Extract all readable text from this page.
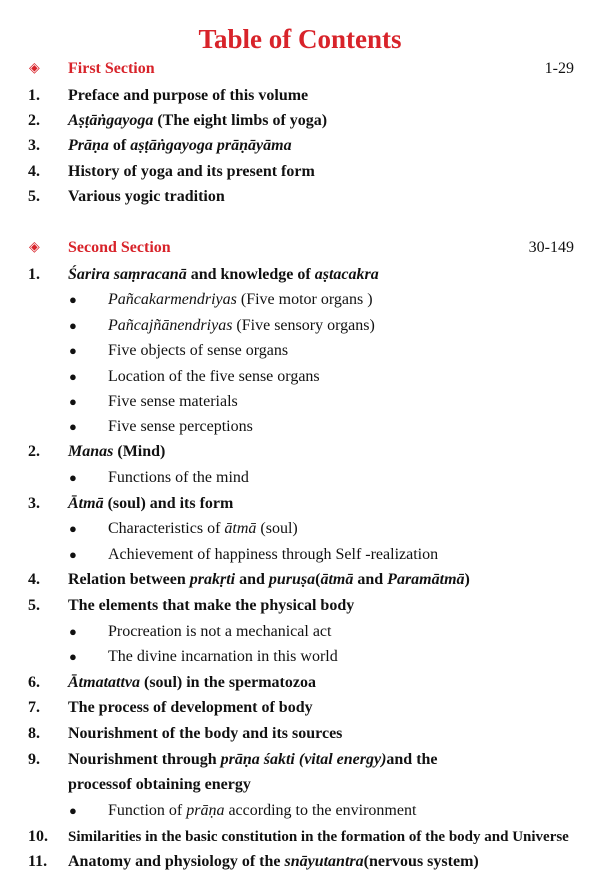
Table of Contents
◈ First Section	1-29
1. Preface and purpose of this volume
2. Aṣṭāṅgayoga (The eight limbs of yoga)
3. Prāṇa of aṣṭāṅgayoga prāṇāyāma
4. History of yoga and its present form
5. Various yogic tradition
◈ Second Section	30-149
1. Śarira saṃracanā and knowledge of aṣtacakra
● Pañcakarmendriyas (Five motor organs )
● Pañcajñānendriyas (Five sensory organs)
● Five objects of sense organs
● Location of the five sense organs
● Five sense materials
● Five sense perceptions
2. Manas (Mind)
● Functions of the mind
3. Ātmā (soul) and its form
● Characteristics of ātmā (soul)
● Achievement of happiness through Self -realization
4. Relation between prakṛti and puruṣa(ātmā and Paramātmā)
5. The elements that make the physical body
● Procreation is not a mechanical act
● The divine incarnation in this world
6. Ātmatattva (soul) in the spermatozoa
7. The process of development of body
8. Nourishment of the body and its sources
9. Nourishment through prāṇa śakti (vital energy)and the
processof obtaining energy
● Function of prāṇa according to the environment
10. Similarities in the basic constitution in the formation of the body and Universe
11. Anatomy and physiology of the snāyutantra(nervous system)
